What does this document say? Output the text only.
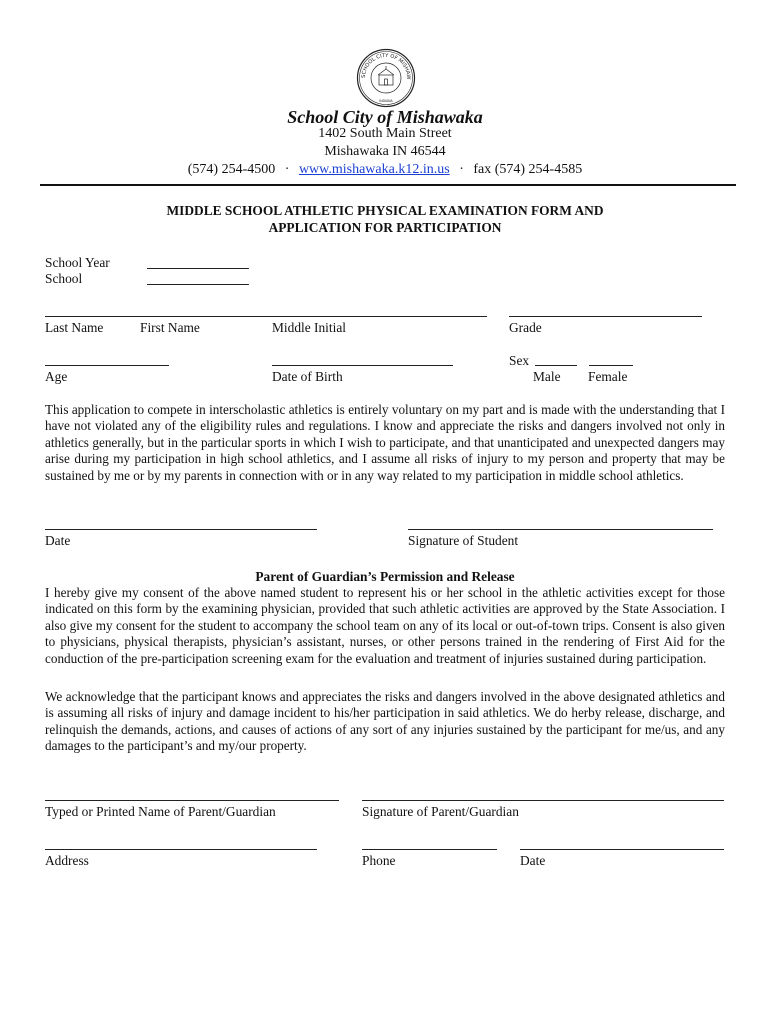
SCHOOL CITY OF MISHAW
INDIANA
School City of Mishawaka
1402 South Main Street
Mishawaka IN 46544
(574) 254-4500 · www.mishawaka.k12.in.us · fax (574) 254-4585
MIDDLE SCHOOL ATHLETIC PHYSICAL EXAMINATION FORM AND
APPLICATION FOR PARTICIPATION
School Year
School
Last Name	First Name	Middle Initial	Grade
Sex
Age	Date of Birth	Male Female

This application to compete in interscholastic athletics is entirely voluntary on my part and is made with the understanding that I have not violated any of the eligibility rules and regulations. I know and appreciate the risks and dangers involved not only in athletics generally, but in the particular sports in which I wish to participate, and that unanticipated and unexpected dangers may arise during my participation in high school athletics, and I assume all risks of injury to my person and property that may be sustained by me or by my parents in connection with or in any way related to my participation in middle school athletics.

Date	Signature of Student
Parent of Guardian’s Permission and Release

I hereby give my consent of the above named student to represent his or her school in the athletic activities except for those indicated on this form by the examining physician, provided that such athletic activities are approved by the State Association. I also give my consent for the student to accompany the school team on any of its local or out-of-town trips. Consent is also given to physicians, physical therapists, physician’s assistant, nurses, or other persons trained in the rendering of First Aid for the conduction of the pre-participation screening exam for the evaluation and treatment of injuries sustained during participation.

We acknowledge that the participant knows and appreciates the risks and dangers involved in the above designated athletics and is assuming all risks of injury and damage incident to his/her participation in said athletics. We do herby release, discharge, and relinquish the demands, actions, and causes of actions of any sort of any injuries sustained by the participant for me/us, and any damages to the participant’s and my/our property.

Typed or Printed Name of Parent/Guardian	Signature of Parent/Guardian
Address	Phone	Date
